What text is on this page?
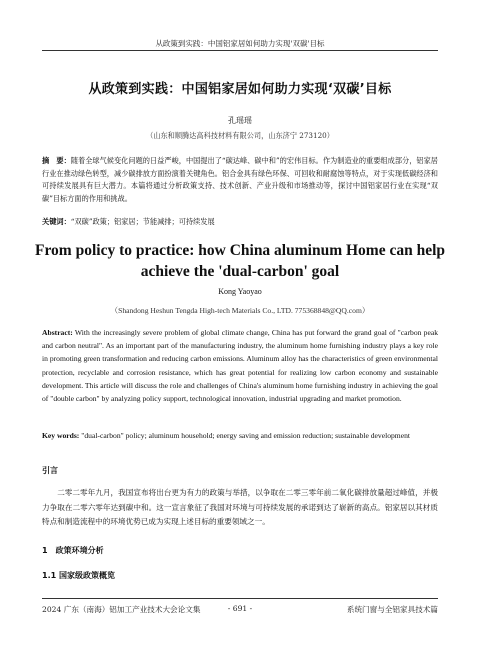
从政策到实践：中国铝家居如何助力实现'双碳'目标
从政策到实践：中国铝家居如何助力实现‘双碳’目标
孔瑶瑶
（山东和顺腾达高科技材料有限公司，山东济宁 273120）
摘　要：随着全球气候变化问题的日益严峻，中国提出了“碳达峰、碳中和”的宏伟目标。作为制造业的重要组成部分，铝家居行业在推动绿色转型，减少碳排放方面扮演着关键角色。铝合金具有绿色环保、可回收和耐腐蚀等特点，对于实现低碳经济和可持续发展具有巨大潜力。本篇将通过分析政策支持、技术创新、产业升级和市场推动等，探讨中国铝家居行业在实现“双碳”目标方面的作用和挑战。
关键词：“双碳”政策；铝家居；节能减排；可持续发展
From policy to practice: how China aluminum Home can help achieve the 'dual-carbon' goal
Kong Yaoyao
（Shandong Heshun Tengda High-tech Materials Co., LTD. 775368848@QQ.com）
Abstract: With the increasingly severe problem of global climate change, China has put forward the grand goal of "carbon peak and carbon neutral". As an important part of the manufacturing industry, the aluminum home furnishing industry plays a key role in promoting green transformation and reducing carbon emissions. Aluminum alloy has the characteristics of green environmental protection, recyclable and corrosion resistance, which has great potential for realizing low carbon economy and sustainable development. This article will discuss the role and challenges of China's aluminum home furnishing industry in achieving the goal of "double carbon" by analyzing policy support, technological innovation, industrial upgrading and market promotion.
Key words: "dual-carbon" policy; aluminum household; energy saving and emission reduction; sustainable development
引言
二零二零年九月，我国宣布将出台更为有力的政策与举措，以争取在二零三零年前二氧化碳排放量超过峰值，并极力争取在二零六零年达到碳中和。这一宣言象征了我国对环境与可持续发展的承诺到达了崭新的高点。铝家居以其材质特点和制造流程中的环境优势已成为实现上述目标的重要领域之一。
1　政策环境分析
1.1 国家级政策概览
2024 广东（南海）铝加工产业技术大会论文集	- 691 -	系统门窗与全铝家具技术篇
